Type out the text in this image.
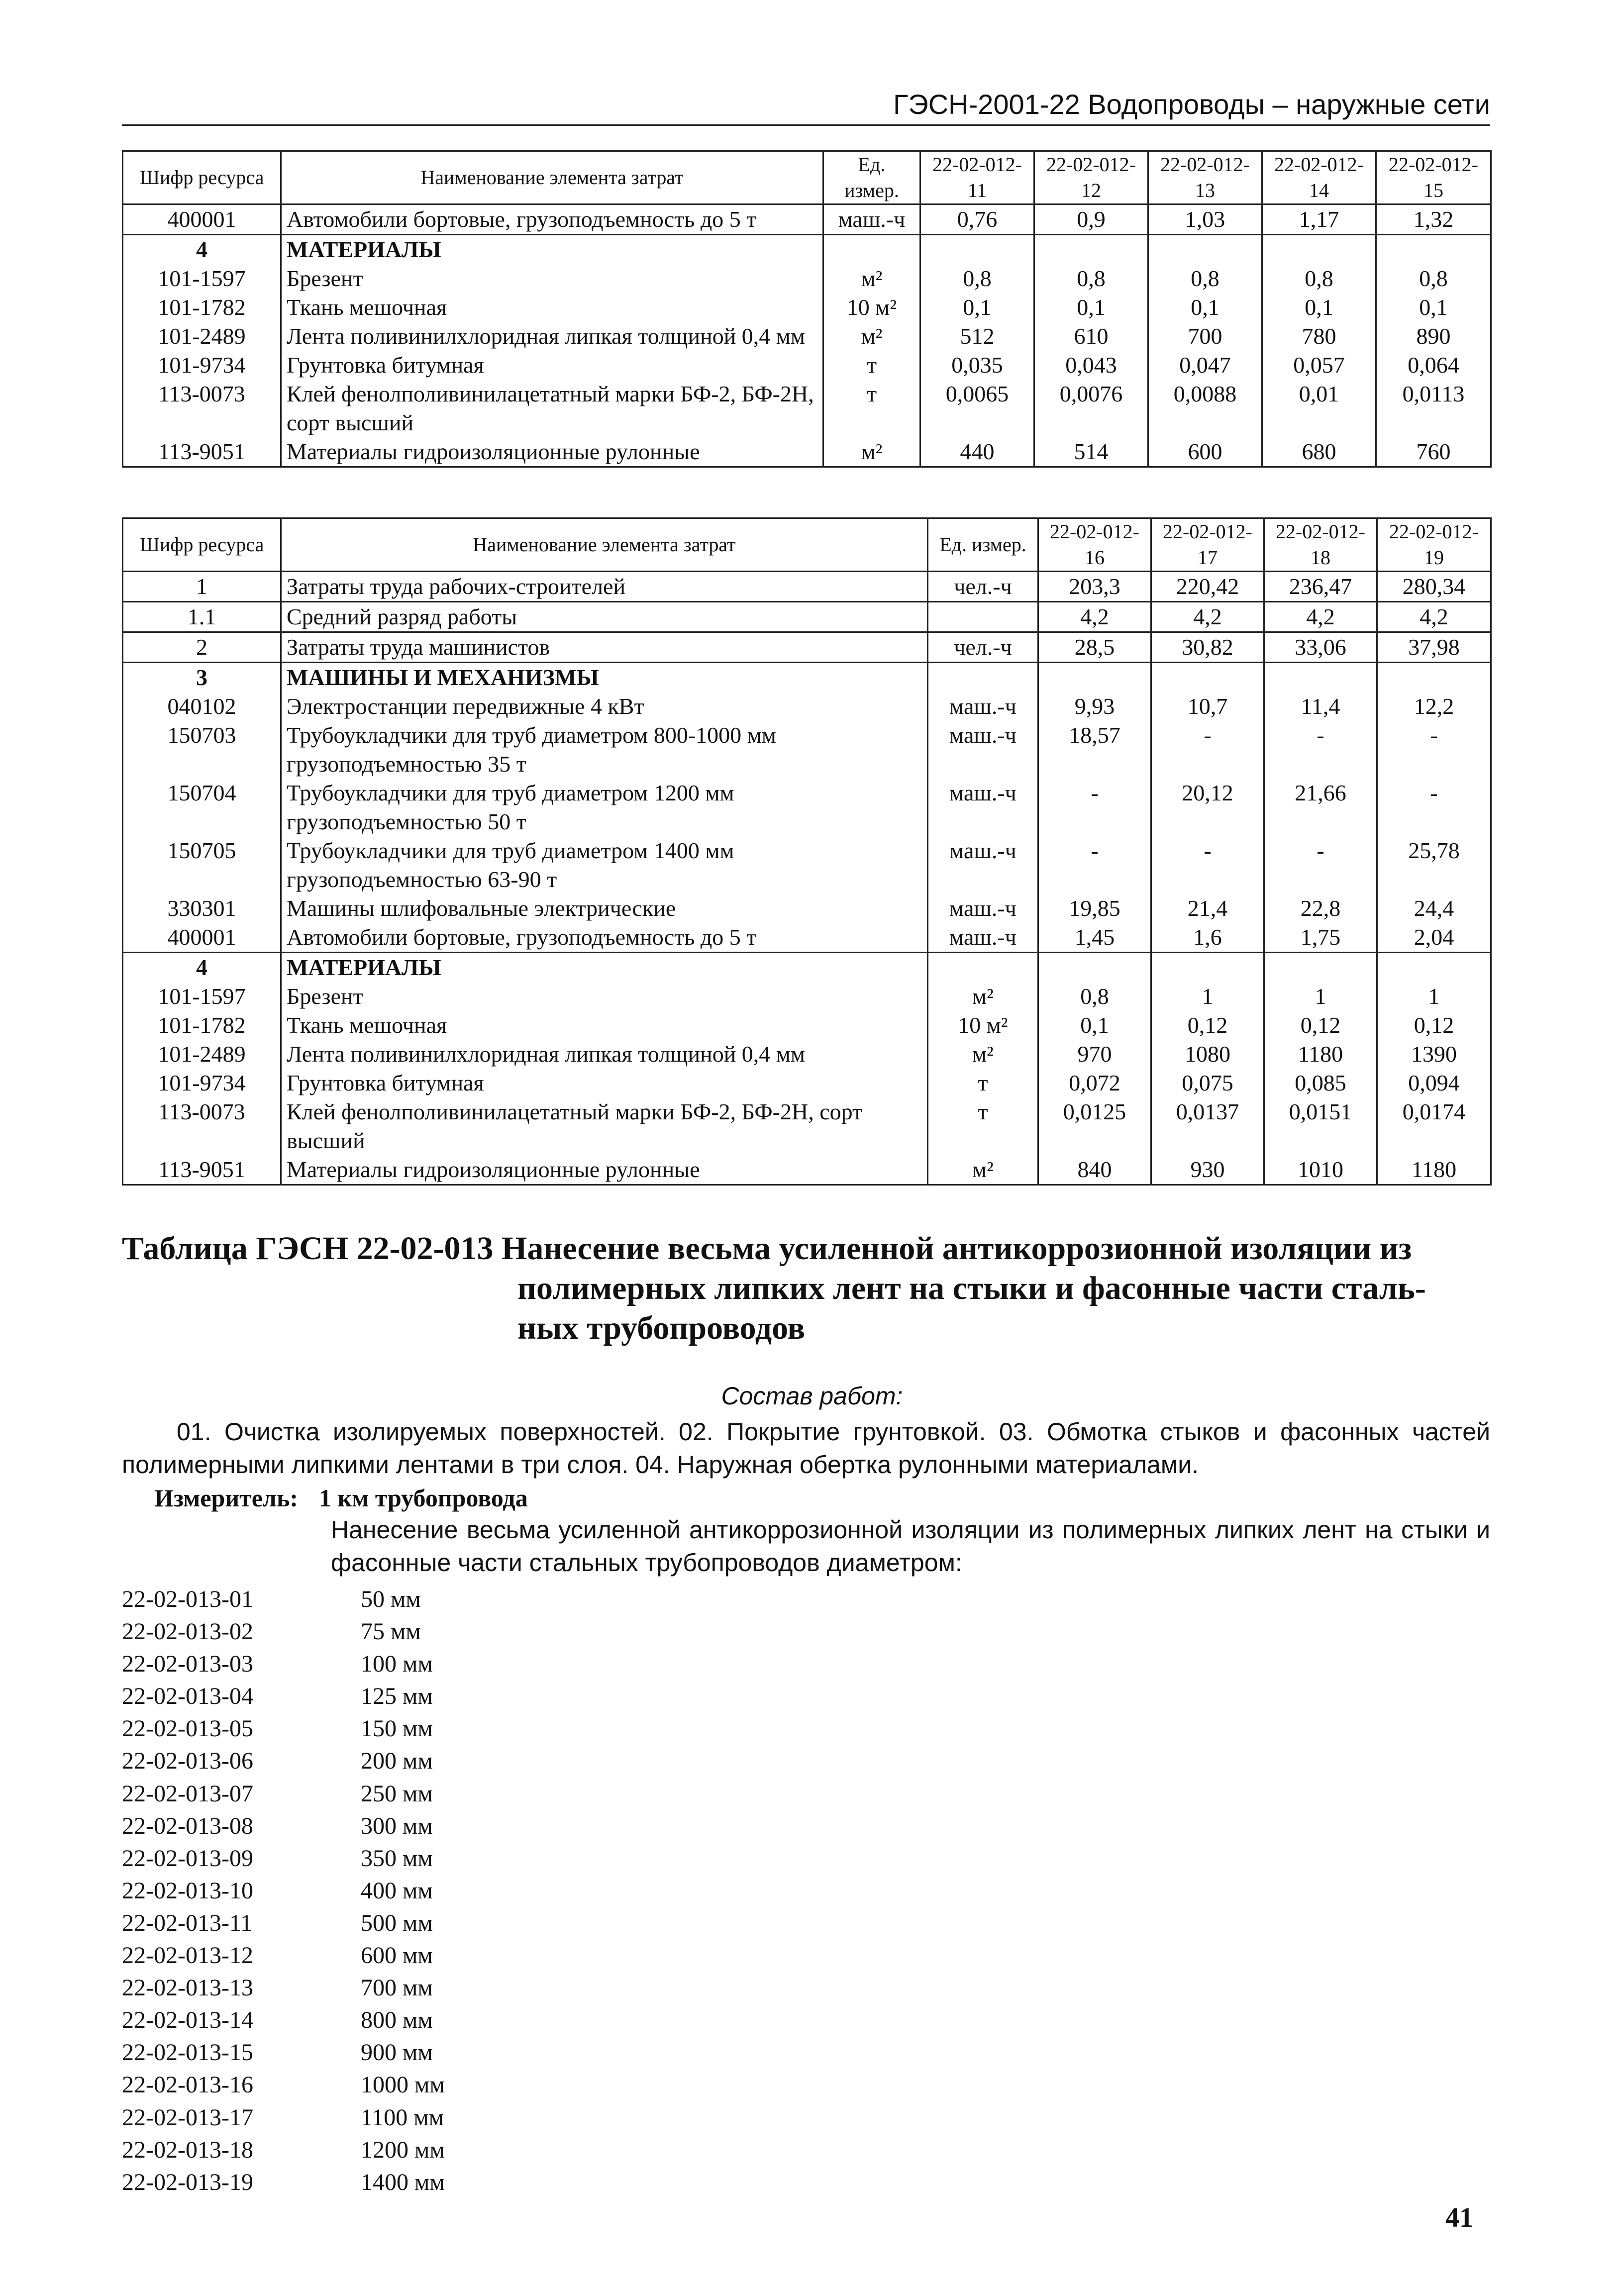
ГЭСН-2001-22 Водопроводы – наружные сети
Шифр ресурса	Наименование элемента затрат	Ед. измер.	22-02-012-11	22-02-012-12	22-02-012-13	22-02-012-14	22-02-012-15
400001	Автомобили бортовые, грузоподъемность до 5 т	маш.-ч	0,76	0,9	1,03	1,17	1,32
4	МАТЕРИАЛЫ						
101-1597	Брезент	м²	0,8	0,8	0,8	0,8	0,8
101-1782	Ткань мешочная	10 м²	0,1	0,1	0,1	0,1	0,1
101-2489	Лента поливинилхлоридная липкая толщиной 0,4 мм	м²	512	610	700	780	890
101-9734	Грунтовка битумная	т	0,035	0,043	0,047	0,057	0,064
113-0073	Клей фенолполивинилацетатный марки БФ-2, БФ-2Н, сорт высший	т	0,0065	0,0076	0,0088	0,01	0,0113
113-9051	Материалы гидроизоляционные рулонные	м²	440	514	600	680	760
Шифр ресурса	Наименование элемента затрат	Ед. измер.	22-02-012-16	22-02-012-17	22-02-012-18	22-02-012-19
1	Затраты труда рабочих-строителей	чел.-ч	203,3	220,42	236,47	280,34
1.1	Средний разряд работы		4,2	4,2	4,2	4,2
2	Затраты труда машинистов	чел.-ч	28,5	30,82	33,06	37,98
3	МАШИНЫ И МЕХАНИЗМЫ					
040102	Электростанции передвижные 4 кВт	маш.-ч	9,93	10,7	11,4	12,2
150703	Трубоукладчики для труб диаметром 800-1000 мм грузоподъемностью 35 т	маш.-ч	18,57	-	-	-
150704	Трубоукладчики для труб диаметром 1200 мм грузоподъемностью 50 т	маш.-ч	-	20,12	21,66	-
150705	Трубоукладчики для труб диаметром 1400 мм грузоподъемностью 63-90 т	маш.-ч	-	-	-	25,78
330301	Машины шлифовальные электрические	маш.-ч	19,85	21,4	22,8	24,4
400001	Автомобили бортовые, грузоподъемность до 5 т	маш.-ч	1,45	1,6	1,75	2,04
4	МАТЕРИАЛЫ					
101-1597	Брезент	м²	0,8	1	1	1
101-1782	Ткань мешочная	10 м²	0,1	0,12	0,12	0,12
101-2489	Лента поливинилхлоридная липкая толщиной 0,4 мм	м²	970	1080	1180	1390
101-9734	Грунтовка битумная	т	0,072	0,075	0,085	0,094
113-0073	Клей фенолполивинилацетатный марки БФ-2, БФ-2Н, сорт высший	т	0,0125	0,0137	0,0151	0,0174
113-9051	Материалы гидроизоляционные рулонные	м²	840	930	1010	1180
Таблица ГЭСН 22-02-013 Нанесение весьма усиленной антикоррозионной изоляции из
полимерных липких лент на стыки и фасонные части сталь-
ных трубопроводов
Состав работ:
01. Очистка изолируемых поверхностей. 02. Покрытие грунтовкой. 03. Обмотка стыков и фасонных частей полимерными липкими лентами в три слоя. 04. Наружная обертка рулонными материалами.
Измеритель: 1 км трубопровода
Нанесение весьма усиленной антикоррозионной изоляции из полимерных липких лент на стыки и фасонные части стальных трубопроводов диаметром:
22-02-013-01	50 мм
22-02-013-02	75 мм
22-02-013-03	100 мм
22-02-013-04	125 мм
22-02-013-05	150 мм
22-02-013-06	200 мм
22-02-013-07	250 мм
22-02-013-08	300 мм
22-02-013-09	350 мм
22-02-013-10	400 мм
22-02-013-11	500 мм
22-02-013-12	600 мм
22-02-013-13	700 мм
22-02-013-14	800 мм
22-02-013-15	900 мм
22-02-013-16	1000 мм
22-02-013-17	1100 мм
22-02-013-18	1200 мм
22-02-013-19	1400 мм
41
